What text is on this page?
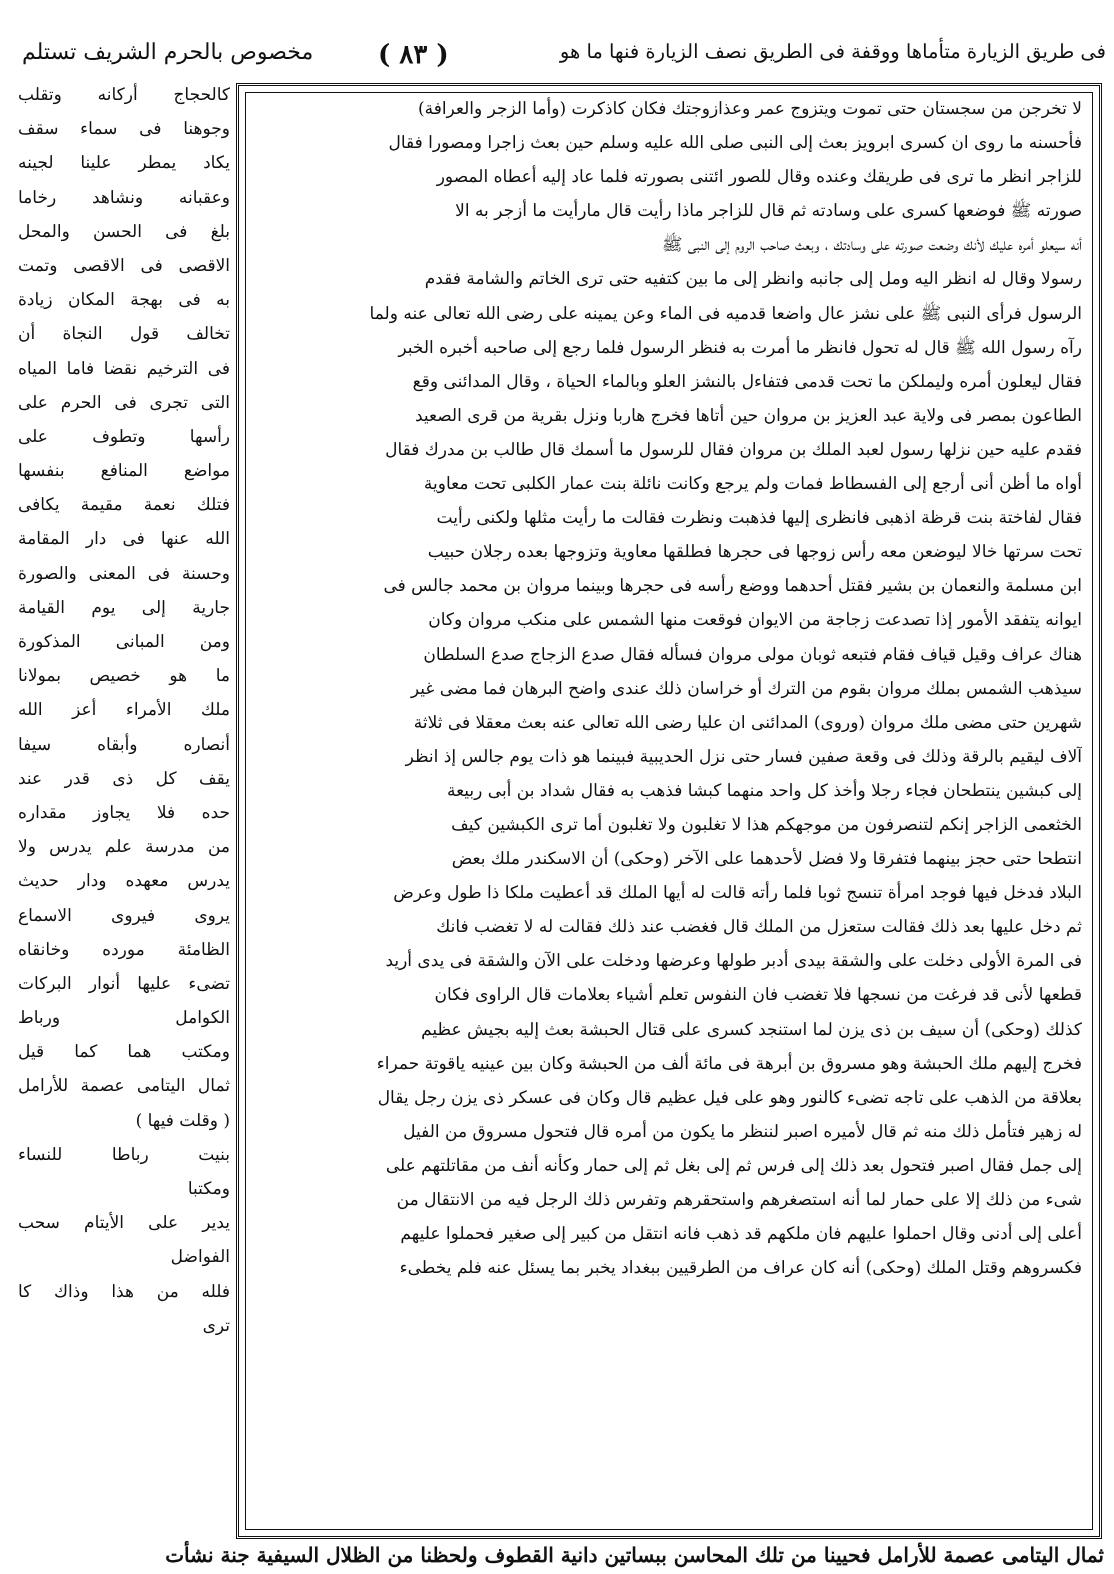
فى طريق الزيارة متأماها ووقفة فى الطريق نصف الزيارة فنها ما هو
( ٨٣ )
مخصوص بالحرم الشريف تستلم
لا تخرجن من سجستان حتى تموت ويتزوج عمر وعذازوجتك فكان كاذكرت (وأما الزجر والعرافة)
فأحسنه ما روى ان كسرى ابرويز بعث إلى النبى صلى الله عليه وسلم حين بعث زاجرا ومصورا فقال
للزاجر انظر ما ترى فى طريقك وعنده وقال للصور ائتنى بصورته فلما عاد إليه أعطاه المصور
صورته ﷺ فوضعها كسرى على وسادته ثم قال للزاجر ماذا رأيت قال مارأيت ما أزجر به الا
أنه سيعلو أمره عليك لأنك وضعت صورته على وسادتك ، وبعث صاحب الروم إلى النبى ﷺ
رسولا وقال له انظر اليه ومل إلى جانبه وانظر إلى ما بين كتفيه حتى ترى الخاتم والشامة فقدم
الرسول فرأى النبى ﷺ على نشز عال واضعا قدميه فى الماء وعن يمينه على رضى الله تعالى عنه ولما
رآه رسول الله ﷺ قال له تحول فانظر ما أمرت به فنظر الرسول فلما رجع إلى صاحبه أخبره الخبر
فقال ليعلون أمره وليملكن ما تحت قدمى فتفاءل بالنشز العلو وبالماء الحياة ، وقال المدائنى وقع
الطاعون بمصر فى ولاية عبد العزيز بن مروان حين أتاها فخرج هاربا ونزل بقرية من قرى الصعيد
فقدم عليه حين نزلها رسول لعبد الملك بن مروان فقال للرسول ما أسمك قال طالب بن مدرك فقال
أواه ما أظن أنى أرجع إلى الفسطاط فمات ولم يرجع وكانت نائلة بنت عمار الكلبى تحت معاوية
فقال لفاختة بنت قرظة اذهبى فانظرى إليها فذهبت ونظرت فقالت ما رأيت مثلها ولكنى رأيت
تحت سرتها خالا ليوضعن معه رأس زوجها فى حجرها فطلقها معاوية وتزوجها بعده رجلان حبيب
ابن مسلمة والنعمان بن بشير فقتل أحدهما ووضع رأسه فى حجرها وبينما مروان بن محمد جالس فى
ايوانه يتفقد الأمور إذا تصدعت زجاجة من الايوان فوقعت منها الشمس على منكب مروان وكان
هناك عراف وقيل قياف فقام فتبعه ثوبان مولى مروان فسأله فقال صدع الزجاج صدع السلطان
سيذهب الشمس بملك مروان بقوم من الترك أو خراسان ذلك عندى واضح البرهان فما مضى غير
شهرين حتى مضى ملك مروان (وروى) المدائنى ان عليا رضى الله تعالى عنه بعث معقلا فى ثلاثة
آلاف ليقيم بالرقة وذلك فى وقعة صفين فسار حتى نزل الحديبية فبينما هو ذات يوم جالس إذ انظر
إلى كبشين ينتطحان فجاء رجلا وأخذ كل واحد منهما كبشا فذهب به فقال شداد بن أبى ربيعة
الخثعمى الزاجر إنكم لتنصرفون من موجهكم هذا لا تغلبون ولا تغلبون أما ترى الكبشين كيف
انتطحا حتى حجز بينهما فتفرقا ولا فضل لأحدهما على الآخر (وحكى) أن الاسكندر ملك بعض
البلاد فدخل فيها فوجد امرأة تنسج ثوبا فلما رأته قالت له أيها الملك قد أعطيت ملكا ذا طول وعرض
ثم دخل عليها بعد ذلك فقالت ستعزل من الملك قال فغضب عند ذلك فقالت له لا تغضب فانك
فى المرة الأولى دخلت على والشقة بيدى أدبر طولها وعرضها ودخلت على الآن والشقة فى يدى أريد
قطعها لأنى قد فرغت من نسجها فلا تغضب فان النفوس تعلم أشياء بعلامات قال الراوى فكان
كذلك (وحكى) أن سيف بن ذى يزن لما استنجد كسرى على قتال الحبشة بعث إليه بجيش عظيم
فخرج إليهم ملك الحبشة وهو مسروق بن أبرهة فى مائة ألف من الحبشة وكان بين عينيه ياقوتة حمراء
بعلاقة من الذهب على تاجه تضىء كالنور وهو على فيل عظيم قال وكان فى عسكر ذى يزن رجل يقال
له زهير فتأمل ذلك منه ثم قال لأميره اصبر لننظر ما يكون من أمره قال فتحول مسروق من الفيل
إلى جمل فقال اصبر فتحول بعد ذلك إلى فرس ثم إلى بغل ثم إلى حمار وكأنه أنف من مقاتلتهم على
شىء من ذلك إلا على حمار لما أنه استصغرهم واستحقرهم وتفرس ذلك الرجل فيه من الانتقال من
أعلى إلى أدنى وقال احملوا عليهم فان ملكهم قد ذهب فانه انتقل من كبير إلى صغير فحملوا عليهم
فكسروهم وقتل الملك (وحكى) أنه كان عراف من الطرقيين ببغداد يخبر بما يسئل عنه فلم يخطىء
كالحجاج أركانه وتقلب
وجوهنا فى سماء سقف
يكاد يمطر علينا لجينه
وعقبانه ونشاهد رخاما
بلغ فى الحسن والمحل
الاقصى فى الاقصى وتمت
به فى بهجة المكان زيادة
تخالف قول النجاة أن
فى الترخيم نقضا فاما المياه
التى تجرى فى الحرم على
رأسها وتطوف على
مواضع المنافع بنفسها
فتلك نعمة مقيمة يكافى
الله عنها فى دار المقامة
وحسنة فى المعنى والصورة
جارية إلى يوم القيامة
ومن المبانى المذكورة
ما هو خصيص بمولانا
ملك الأمراء أعز الله
أنصاره وأبقاه سيفا
يقف كل ذى قدر عند
حده فلا يجاوز مقداره
من مدرسة علم يدرس ولا
يدرس معهده ودار حديث
يروى فيروى الاسماع
الظامئة مورده وخانقاه
تضىء عليها أنوار البركات
الكوامل ورباط
ومكتب هما كما قيل
ثمال اليتامى عصمة للأرامل
( وقلت فيها )
بنيت رباطا للنساء
ومكتبا
يدير على الأيتام سحب
الفواضل
فلله من هذا وذاك كا
ترى
ثمال اليتامى عصمة للأرامل فحيينا من تلك المحاسن ببساتين دانية القطوف ولحظنا من الظلال السيفية جنة نشأت
